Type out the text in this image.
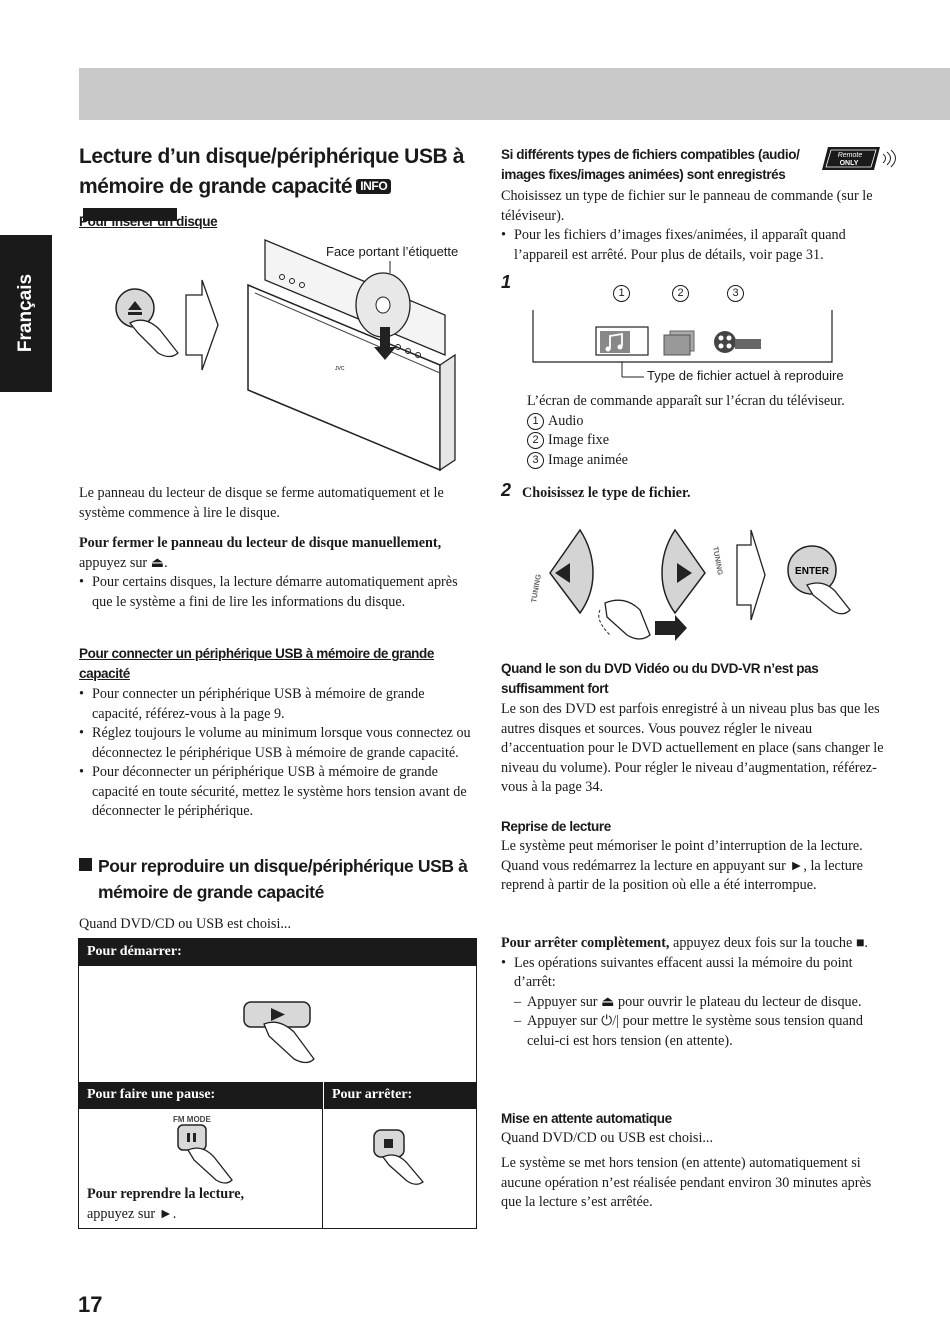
Français
Lecture d’un disque/périphérique USB à
mémoire de grande capacité INFO
Pour insérer un disque
JVC
Face portant l’étiquette
Le panneau du lecteur de disque se ferme automatiquement et le système commence à lire le disque.

Pour fermer le panneau du lecteur de disque manuellement, appuyez sur ⏏.

• Pour certains disques, la lecture démarre automatiquement après que le système a fini de lire les informations du disque.
Pour connecter un périphérique USB à mémoire de grande
capacité
• Pour connecter un périphérique USB à mémoire de grande capacité, référez-vous à la page 9.
• Réglez toujours le volume au minimum lorsque vous connectez ou déconnectez le périphérique USB à mémoire de grande capacité.
• Pour déconnecter un périphérique USB à mémoire de grande capacité en toute sécurité, mettez le système hors tension avant de déconnecter le périphérique.
Pour reproduire un disque/périphérique USB à
mémoire de grande capacité
Quand DVD/CD ou USB est choisi...
Pour démarrer:
Pour faire une pause:	Pour arrêter:
FM MODE

Pour reprendre la lecture,

appuyez sur ►.

Si différents types de fichiers compatibles (audio/
images fixes/images animées) sont enregistrés
Remote
ONLY

Choisissez un type de fichier sur le panneau de commande (sur le téléviseur).

• Pour les fichiers d’images fixes/animées, il apparaît quand l’appareil est arrêté. Pour plus de détails, voir page 31.
1
1	2	3
Type de fichier actuel à reproduire

L’écran de commande apparaît sur l’écran du téléviseur.

1 Audio

2 Image fixe

3 Image animée

2 Choisissez le type de fichier.
TUNING
TUNING	ENTER
Quand le son du DVD Vidéo ou du DVD-VR n’est pas
suffisamment fort
Le son des DVD est parfois enregistré à un niveau plus bas que les autres disques et sources. Vous pouvez régler le niveau d’accentuation pour le DVD actuellement en place (sans changer le niveau du volume). Pour régler le niveau d’augmentation, référez-vous à la page 34.
Reprise de lecture
Le système peut mémoriser le point d’interruption de la lecture. Quand vous redémarrez la lecture en appuyant sur ►, la lecture reprend à partir de la position où elle a été interrompue.

Pour arrêter complètement, appuyez deux fois sur la touche ■.

• Les opérations suivantes effacent aussi la mémoire du point d’arrêt:
– Appuyer sur ⏏ pour ouvrir le plateau du lecteur de disque.
– Appuyer sur ⏻/| pour mettre le système sous tension quand celui-ci est hors tension (en attente).
Mise en attente automatique
Quand DVD/CD ou USB est choisi...
Le système se met hors tension (en attente) automatiquement si aucune opération n’est réalisée pendant environ 30 minutes après que la lecture s’est arrêtée.
17
